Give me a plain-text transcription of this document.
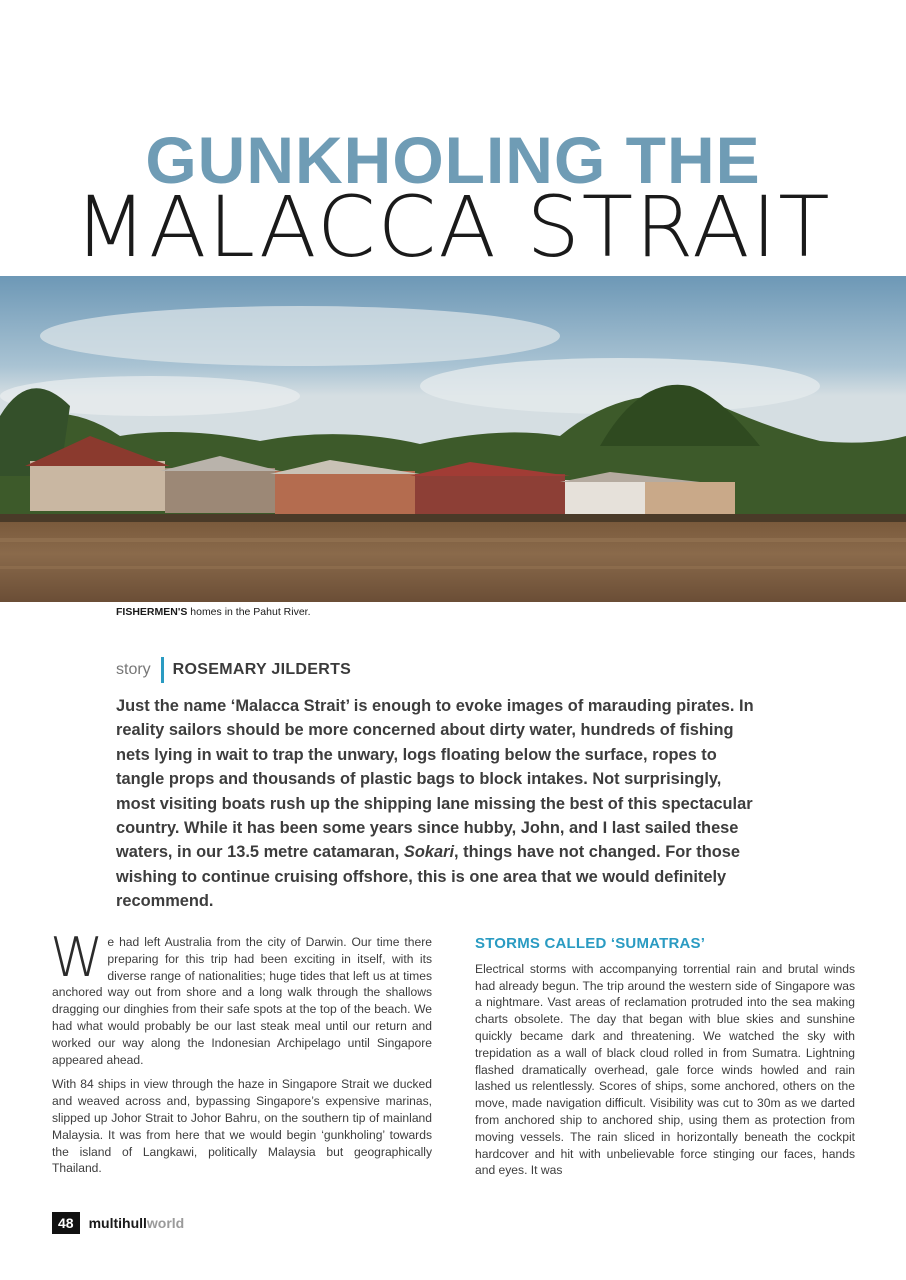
GUNKHOLING THE
MALACCA STRAIT
FISHERMEN'S homes in the Pahut River.
story ROSEMARY JILDERTS

Just the name ‘Malacca Strait’ is enough to evoke images of marauding pirates. In reality sailors should be more concerned about dirty water, hundreds of fishing nets lying in wait to trap the unwary, logs floating below the surface, ropes to tangle props and thousands of plastic bags to block intakes. Not surprisingly, most visiting boats rush up the shipping lane missing the best of this spectacular country. While it has been some years since hubby, John, and I last sailed these waters, in our 13.5 metre catamaran, Sokari, things have not changed. For those wishing to continue cruising offshore, this is one area that we would definitely recommend.

We had left Australia from the city of Darwin. Our time there preparing for this trip had been exciting in itself, with its diverse range of nationalities; huge tides that left us at times anchored way out from shore and a long walk through the shallows dragging our dinghies from their safe spots at the top of the beach. We had what would probably be our last steak meal until our return and worked our way along the Indonesian Archipelago until Singapore appeared ahead.

With 84 ships in view through the haze in Singapore Strait we ducked and weaved across and, bypassing Singapore’s expensive marinas, slipped up Johor Strait to Johor Bahru, on the southern tip of mainland Malaysia. It was from here that we would begin ‘gunkholing’ towards the island of Langkawi, politically Malaysia but geographically Thailand.

STORMS CALLED ‘SUMATRAS’

Electrical storms with accompanying torrential rain and brutal winds had already begun. The trip around the western side of Singapore was a nightmare. Vast areas of reclamation protruded into the sea making charts obsolete. The day that began with blue skies and sunshine quickly became dark and threatening. We watched the sky with trepidation as a wall of black cloud rolled in from Sumatra. Lightning flashed dramatically overhead, gale force winds howled and rain lashed us relentlessly. Scores of ships, some anchored, others on the move, made navigation difficult. Visibility was cut to 30m as we darted from anchored ship to anchored ship, using them as protection from moving vessels. The rain sliced in horizontally beneath the cockpit hardcover and hit with unbelievable force stinging our faces, hands and eyes. It was

48	multihullworld
